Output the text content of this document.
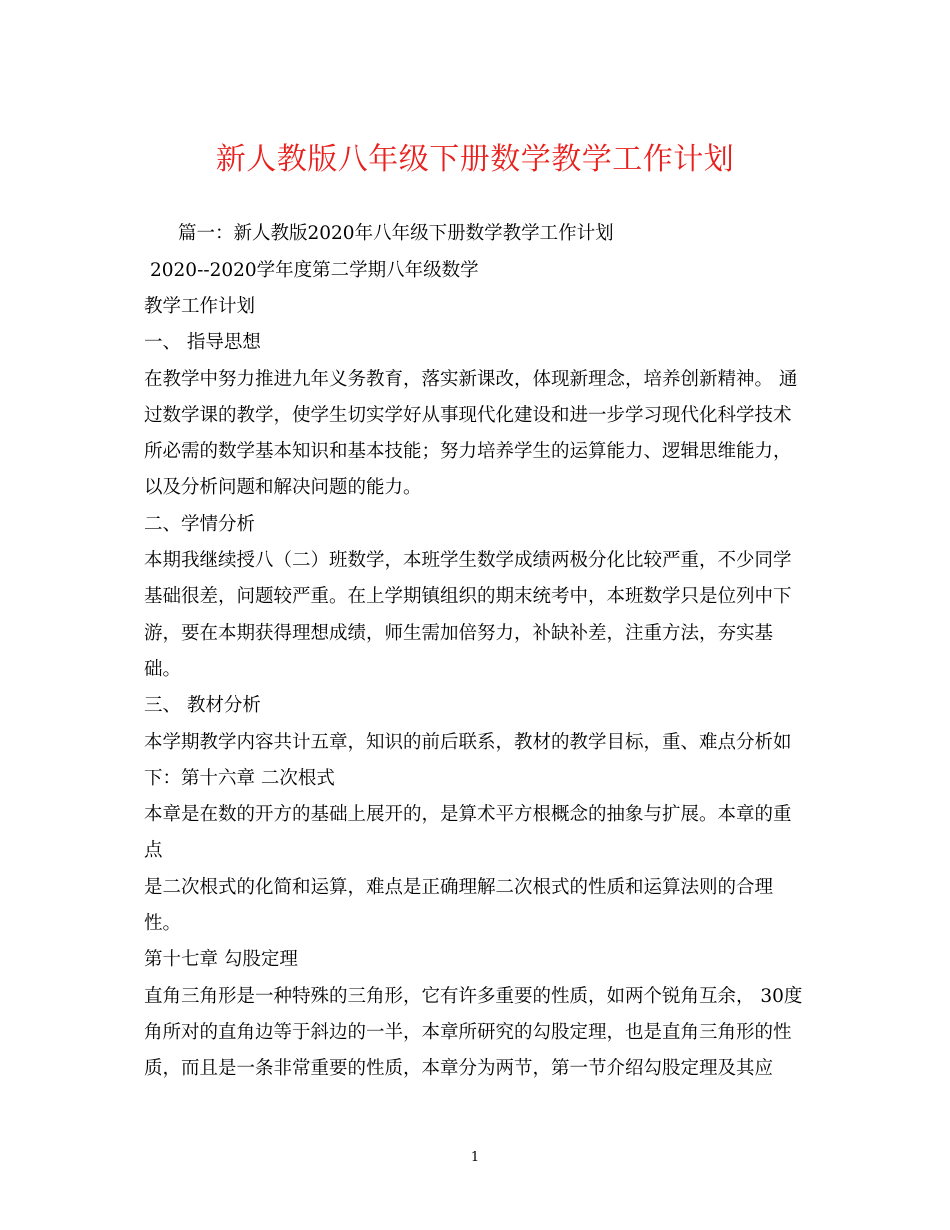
新人教版八年级下册数学教学工作计划
篇一：新人教版2020年八年级下册数学教学工作计划
2020--2020学年度第二学期八年级数学
教学工作计划
一、 指导思想
在教学中努力推进九年义务教育，落实新课改，体现新理念，培养创新精神。 通
过数学课的教学，使学生切实学好从事现代化建设和进一步学习现代化科学技术
所必需的数学基本知识和基本技能；努力培养学生的运算能力、逻辑思维能力，
以及分析问题和解决问题的能力。
二、学情分析
本期我继续授八（二）班数学，本班学生数学成绩两极分化比较严重，不少同学
基础很差，问题较严重。在上学期镇组织的期末统考中，本班数学只是位列中下
游，要在本期获得理想成绩，师生需加倍努力，补缺补差，注重方法，夯实基
础。
三、 教材分析
本学期教学内容共计五章，知识的前后联系，教材的教学目标，重、难点分析如
下：第十六章 二次根式
本章是在数的开方的基础上展开的，是算术平方根概念的抽象与扩展。本章的重
点
是二次根式的化简和运算，难点是正确理解二次根式的性质和运算法则的合理
性。
第十七章 勾股定理
直角三角形是一种特殊的三角形，它有许多重要的性质，如两个锐角互余， 30度
角所对的直角边等于斜边的一半，本章所研究的勾股定理，也是直角三角形的性
质，而且是一条非常重要的性质，本章分为两节，第一节介绍勾股定理及其应
1
